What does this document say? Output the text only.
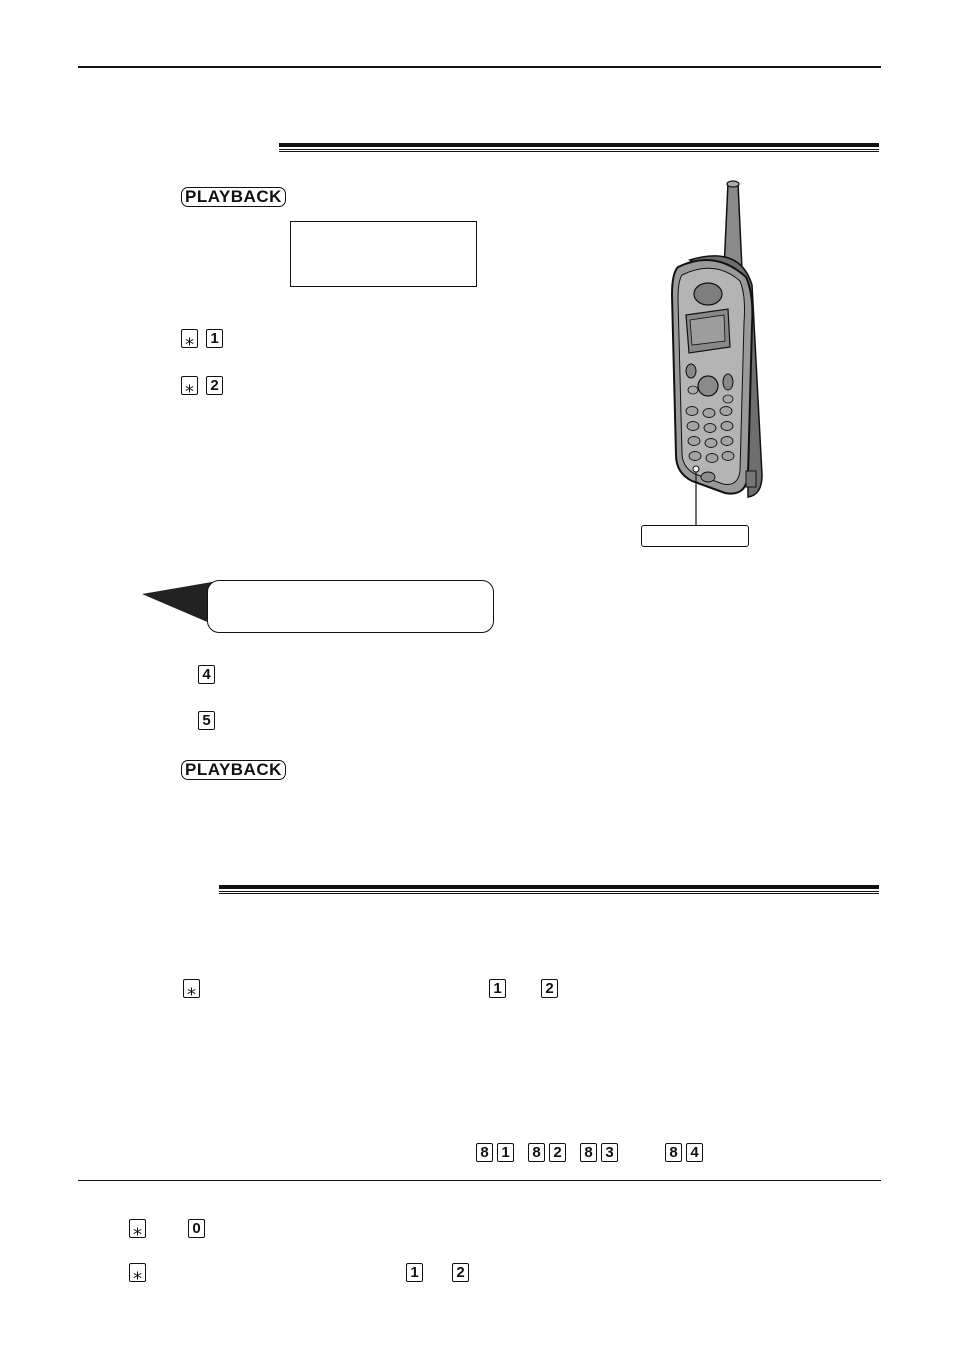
PLAYBACK
⁎ 1
⁎ 2
4
5
PLAYBACK
⁎	1	2
8 1 8 2 8 3	8 4
⁎	0
⁎	1	2
